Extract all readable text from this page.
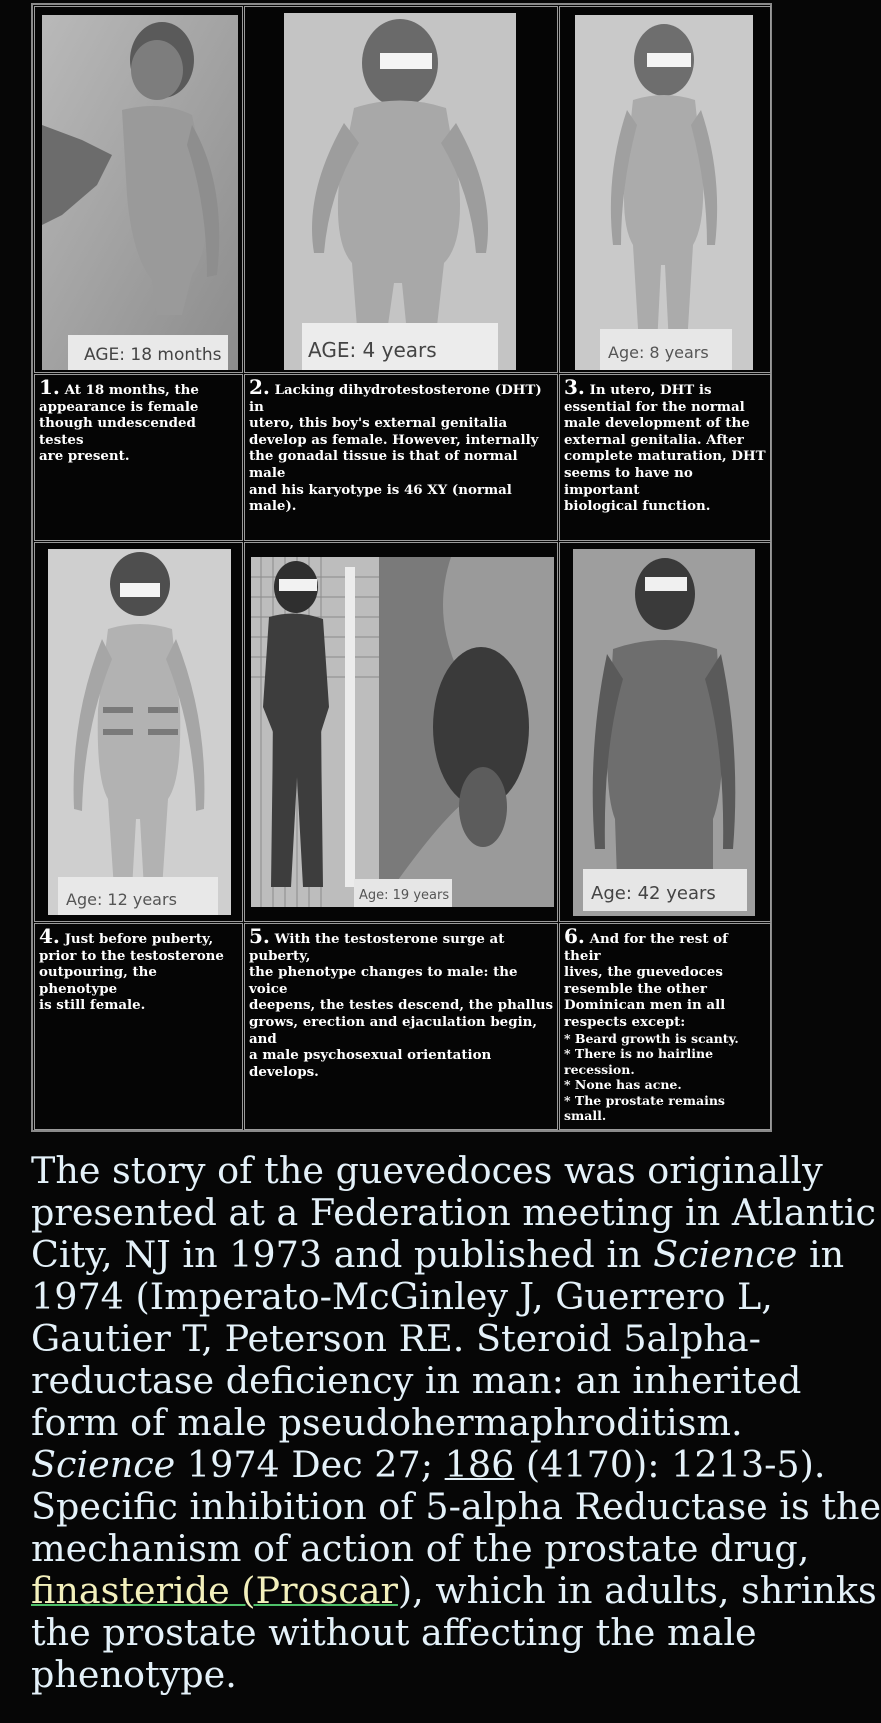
AGE: 18 months	AGE: 4 years	Age: 8 years
1. At 18 months, the
appearance is female
though undescended testes
are present.
2. Lacking dihydrotestosterone (DHT) in
utero, this boy's external genitalia
develop as female. However, internally
the gonadal tissue is that of normal male
and his karyotype is 46 XY (normal male).
3. In utero, DHT is
essential for the normal
male development of the
external genitalia. After
complete maturation, DHT
seems to have no important
biological function.
Age: 12 years	Age: 19 years	Age: 42 years
4. Just before puberty,
prior to the testosterone
outpouring, the phenotype
is still female.
5. With the testosterone surge at puberty,
the phenotype changes to male: the voice
deepens, the testes descend, the phallus
grows, erection and ejaculation begin, and
a male psychosexual orientation develops.
6. And for the rest of their
lives, the guevedoces
resemble the other
Dominican men in all
respects except:
* Beard growth is scanty.
* There is no hairline
recession.
* None has acne.
* The prostate remains small.
The story of the guevedoces was originally
presented at a Federation meeting in Atlantic
City, NJ in 1973 and published in Science in
1974 (Imperato-McGinley J, Guerrero L,
Gautier T, Peterson RE. Steroid 5alpha-
reductase deficiency in man: an inherited
form of male pseudohermaphroditism.
Science 1974 Dec 27; 186 (4170): 1213-5).
Specific inhibition of 5-alpha Reductase is the
mechanism of action of the prostate drug,
finasteride (Proscar), which in adults, shrinks
the prostate without affecting the male
phenotype.
